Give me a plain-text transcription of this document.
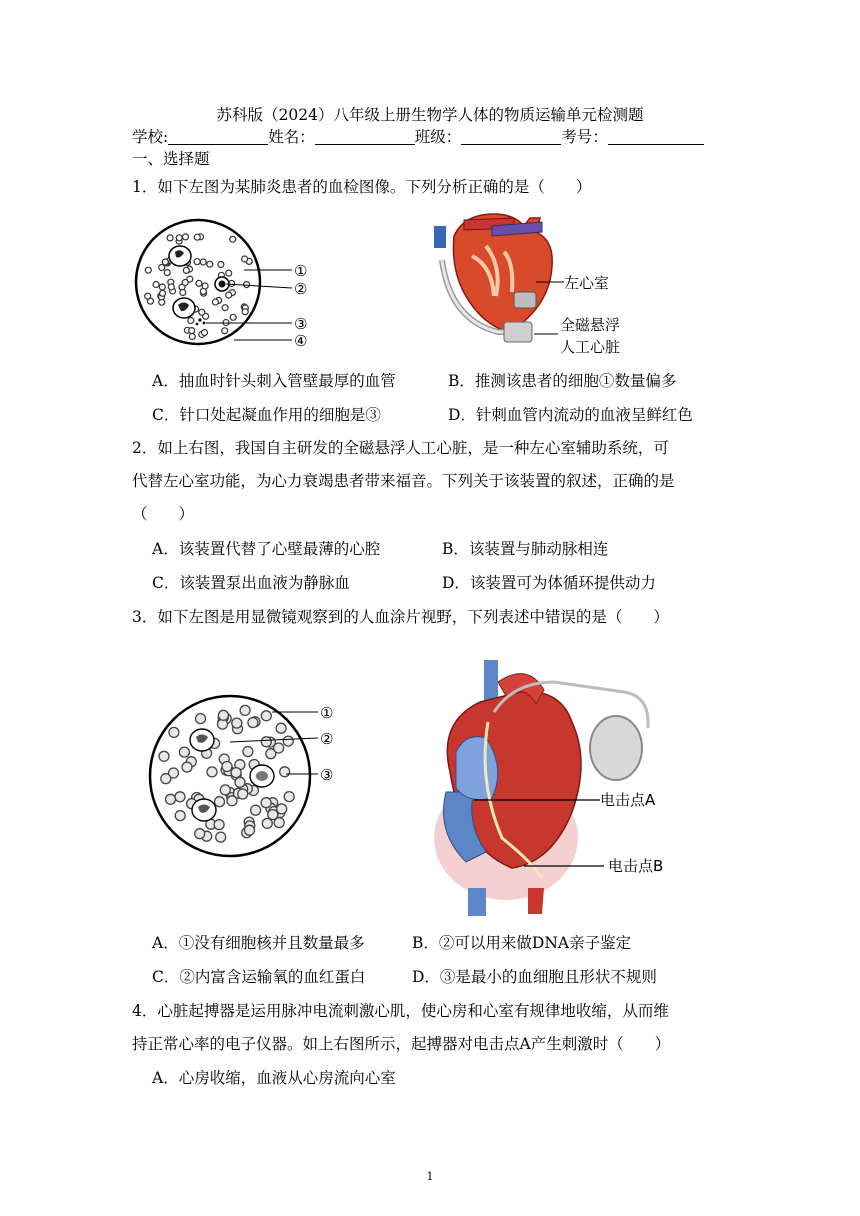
苏科版（2024）八年级上册生物学人体的物质运输单元检测题
学校:	姓名：	班级：	考号：
一、选择题
1．如下左图为某肺炎患者的血检图像。下列分析正确的是（　　）
①
②
③
④
左心室
全磁悬浮
人工心脏
A．抽血时针头刺入管壁最厚的血管	B．推测该患者的细胞①数量偏多
C．针口处起凝血作用的细胞是③	D．针刺血管内流动的血液呈鲜红色
2．如上右图，我国自主研发的全磁悬浮人工心脏，是一种左心室辅助系统，可
代替左心室功能，为心力衰竭患者带来福音。下列关于该装置的叙述，正确的是
（　　）
A．该装置代替了心壁最薄的心腔	B．该装置与肺动脉相连
C．该装置泵出血液为静脉血	D．该装置可为体循环提供动力
3．如下左图是用显微镜观察到的人血涂片视野，下列表述中错误的是（　　）
①
②
③
电击点A
电击点B
A．①没有细胞核并且数量最多	B．②可以用来做DNA亲子鉴定
C．②内富含运输氧的血红蛋白	D．③是最小的血细胞且形状不规则
4．心脏起搏器是运用脉冲电流刺激心肌，使心房和心室有规律地收缩，从而维
持正常心率的电子仪器。如上右图所示，起搏器对电击点A产生刺激时（　　）
A．心房收缩，血液从心房流向心室
1
